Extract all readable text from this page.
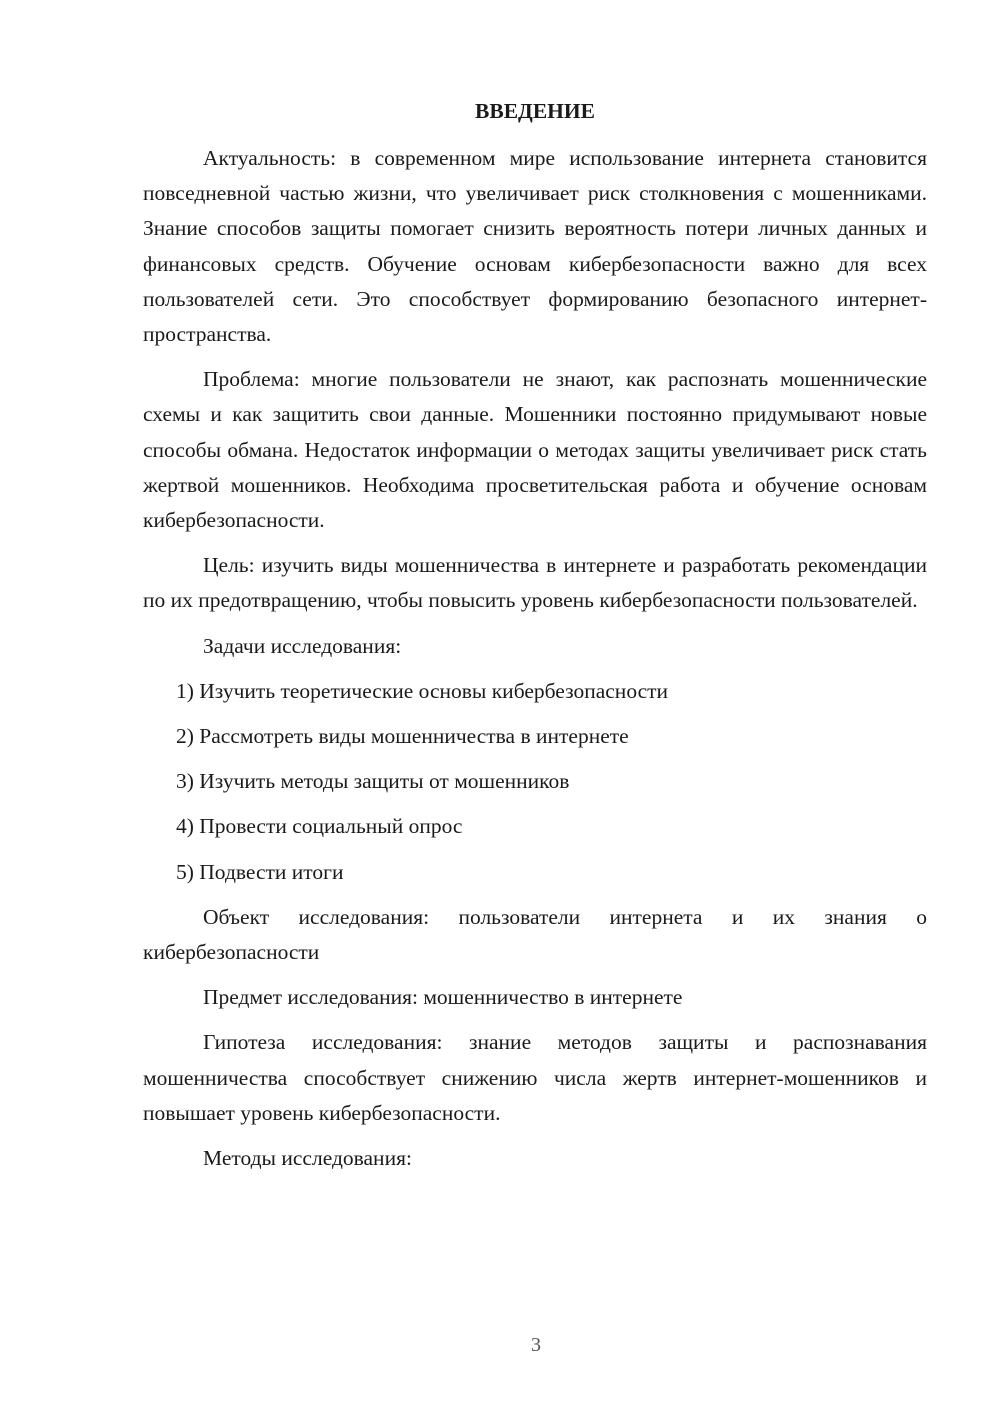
ВВЕДЕНИЕ

Актуальность: в современном мире использование интернета становится повседневной частью жизни, что увеличивает риск столкновения с мошенниками. Знание способов защиты помогает снизить вероятность потери личных данных и финансовых средств. Обучение основам кибербезопасности важно для всех пользователей сети. Это способствует формированию безопасного интернет-пространства.

Проблема: многие пользователи не знают, как распознать мошеннические схемы и как защитить свои данные. Мошенники постоянно придумывают новые способы обмана. Недостаток информации о методах защиты увеличивает риск стать жертвой мошенников. Необходима просветительская работа и обучение основам кибербезопасности.

Цель: изучить виды мошенничества в интернете и разработать рекомендации по их предотвращению, чтобы повысить уровень кибербезопасности пользователей.

Задачи исследования:

1) Изучить теоретические основы кибербезопасности

2) Рассмотреть виды мошенничества в интернете

3) Изучить методы защиты от мошенников

4) Провести социальный опрос

5) Подвести итоги

Объект исследования: пользователи интернета и их знания о кибербезопасности

Предмет исследования: мошенничество в интернете

Гипотеза исследования: знание методов защиты и распознавания мошенничества способствует снижению числа жертв интернет-мошенников и повышает уровень кибербезопасности.

Методы исследования:

3
